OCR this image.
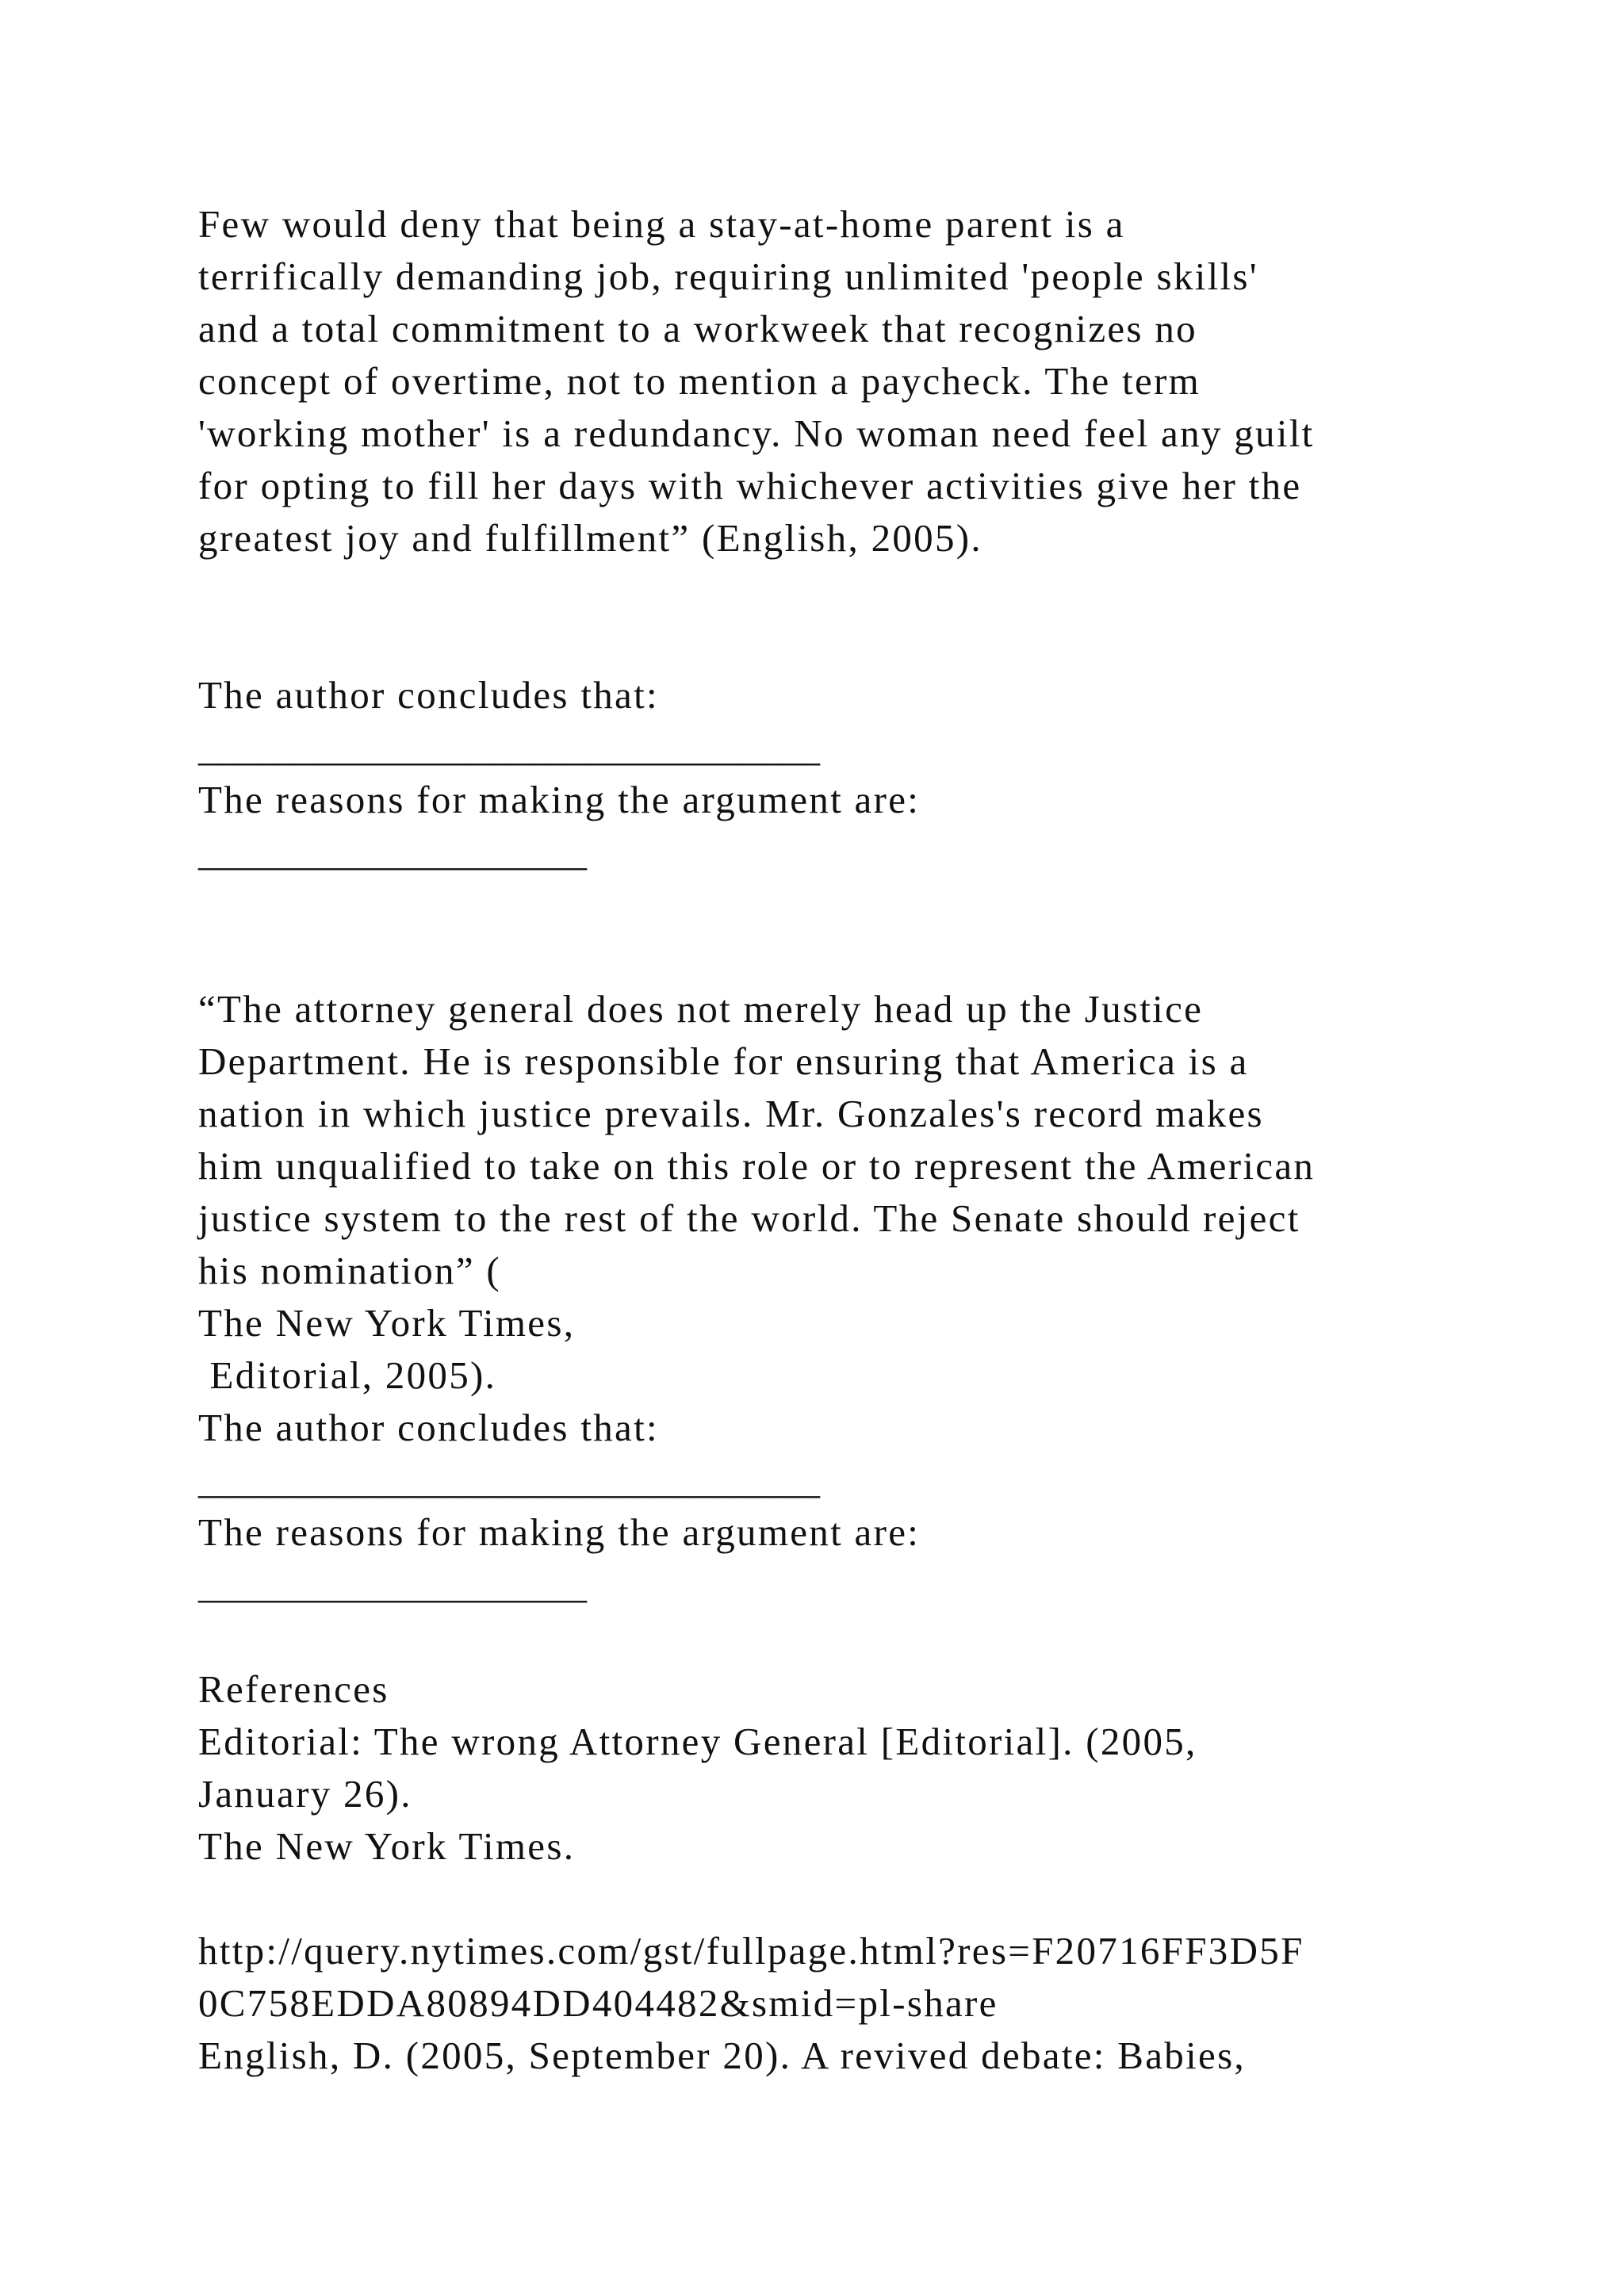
Few would deny that being a stay-at-home parent is a

terrifically demanding job, requiring unlimited 'people skills'

and a total commitment to a workweek that recognizes no

concept of overtime, not to mention a paycheck. The term

'working mother' is a redundancy. No woman need feel any guilt

for opting to fill her days with whichever activities give her the

greatest joy and fulfillment” (English, 2005).

The author concludes that:

________________________________

The reasons for making the argument are:

____________________

“The attorney general does not merely head up the Justice

Department. He is responsible for ensuring that America is a

nation in which justice prevails. Mr. Gonzales's record makes

him unqualified to take on this role or to represent the American

justice system to the rest of the world. The Senate should reject

his nomination” (

The New York Times,

Editorial, 2005).

The author concludes that:

________________________________

The reasons for making the argument are:

____________________

References

Editorial: The wrong Attorney General [Editorial]. (2005,

January 26).

The New York Times.

http://query.nytimes.com/gst/fullpage.html?res=F20716FF3D5F

0C758EDDA80894DD404482&smid=pl-share

English, D. (2005, September 20). A revived debate: Babies,
